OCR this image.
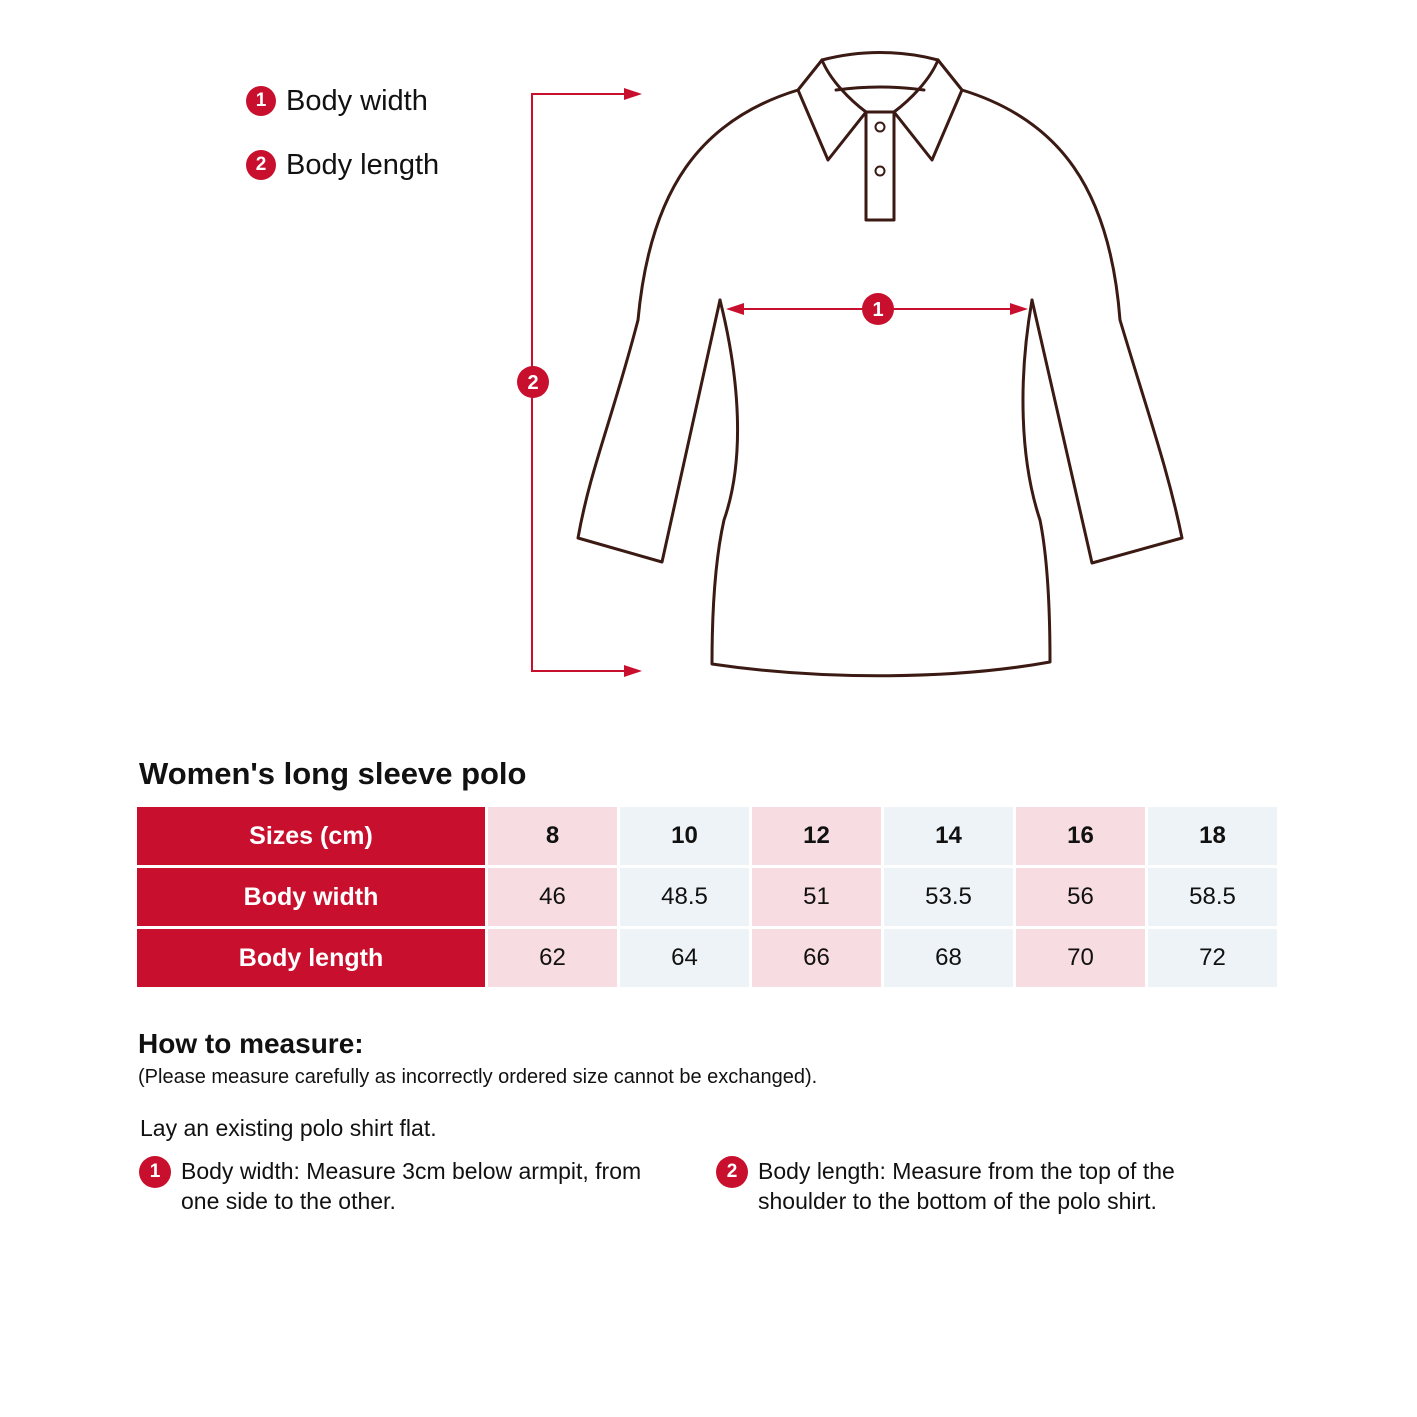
1 Body width
2 Body length
1
2
Women's long sleeve polo
Sizes (cm)	8	10	12	14	16	18
Body width	46	48.5	51	53.5	56	58.5
Body length	62	64	66	68	70	72
How to measure:
(Please measure carefully as incorrectly ordered size cannot be exchanged).
Lay an existing polo shirt flat.
1 Body width: Measure 3cm below armpit, from one side to the other.
2 Body length: Measure from the top of the shoulder to the bottom of the polo shirt.
